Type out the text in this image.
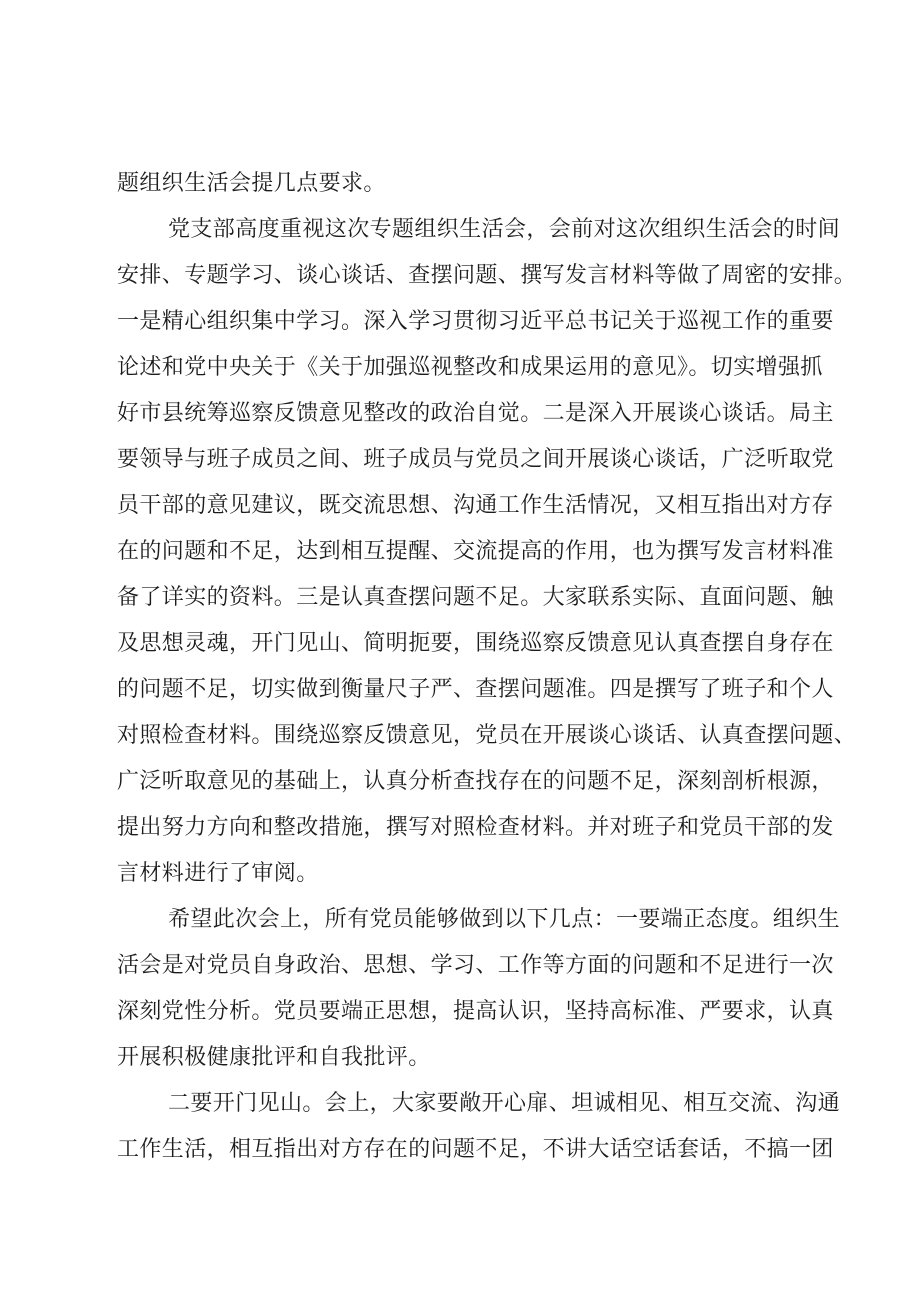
题组织生活会提几点要求。
党支部高度重视这次专题组织生活会，会前对这次组织生活会的时间
安排、专题学习、谈心谈话、查摆问题、撰写发言材料等做了周密的安排。
一是精心组织集中学习。深入学习贯彻习近平总书记关于巡视工作的重要
论述和党中央关于《关于加强巡视整改和成果运用的意见》。切实增强抓
好市县统筹巡察反馈意见整改的政治自觉。二是深入开展谈心谈话。局主
要领导与班子成员之间、班子成员与党员之间开展谈心谈话，广泛听取党
员干部的意见建议，既交流思想、沟通工作生活情况，又相互指出对方存
在的问题和不足，达到相互提醒、交流提高的作用，也为撰写发言材料准
备了详实的资料。三是认真查摆问题不足。大家联系实际、直面问题、触
及思想灵魂，开门见山、简明扼要，围绕巡察反馈意见认真查摆自身存在
的问题不足，切实做到衡量尺子严、查摆问题准。四是撰写了班子和个人
对照检查材料。围绕巡察反馈意见，党员在开展谈心谈话、认真查摆问题、
广泛听取意见的基础上，认真分析查找存在的问题不足，深刻剖析根源，
提出努力方向和整改措施，撰写对照检查材料。并对班子和党员干部的发
言材料进行了审阅。
希望此次会上，所有党员能够做到以下几点：一要端正态度。组织生
活会是对党员自身政治、思想、学习、工作等方面的问题和不足进行一次
深刻党性分析。党员要端正思想，提高认识，坚持高标准、严要求，认真
开展积极健康批评和自我批评。
二要开门见山。会上，大家要敞开心扉、坦诚相见、相互交流、沟通
工作生活，相互指出对方存在的问题不足，不讲大话空话套话，不搞一团
